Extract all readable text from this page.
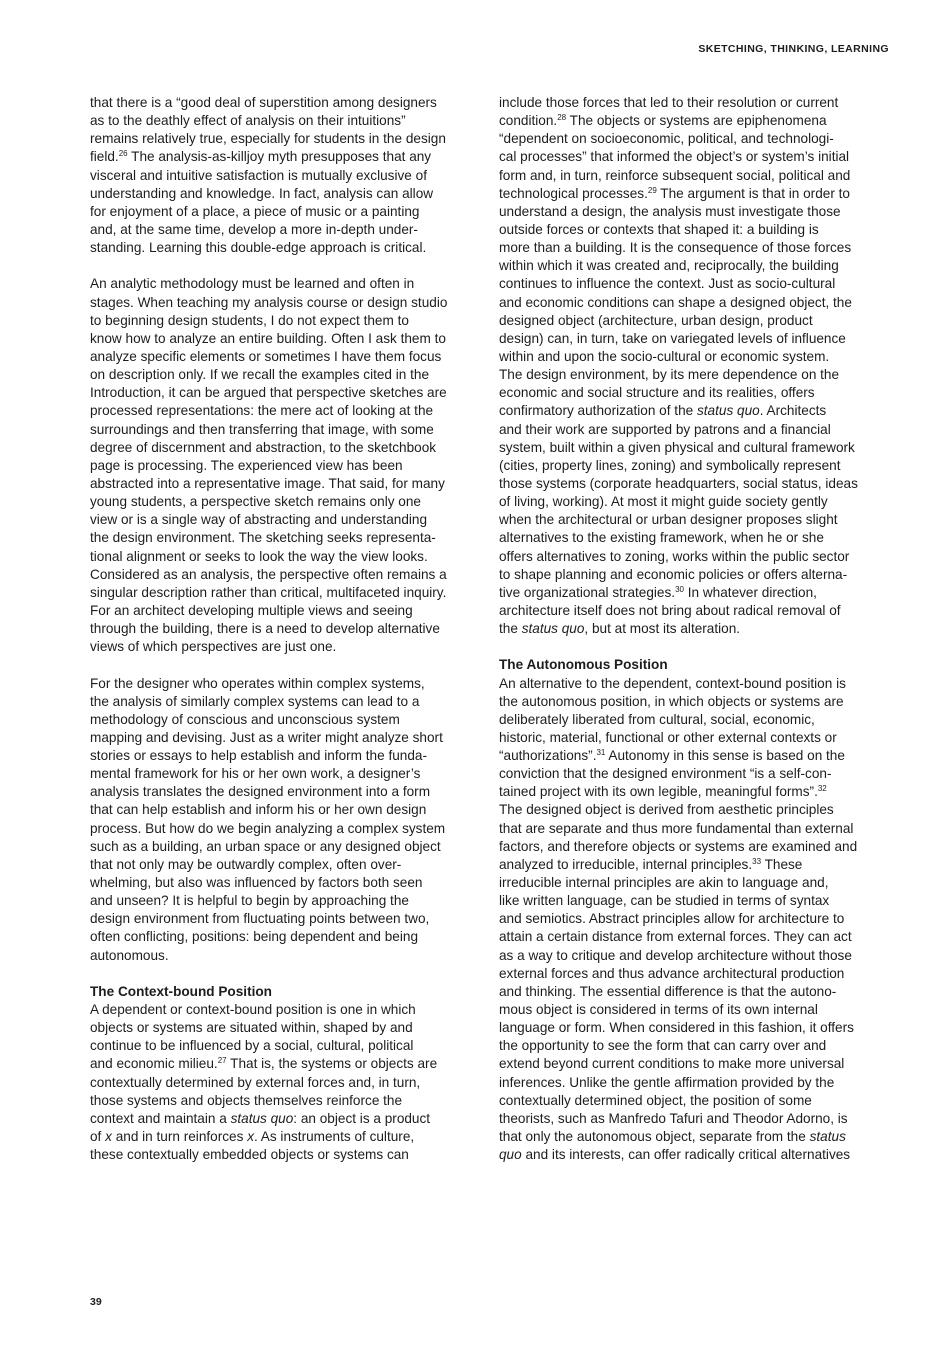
SKETCHING, THINKING, LEARNING
that there is a “good deal of superstition among designers
as to the deathly effect of analysis on their intuitions”
remains relatively true, especially for students in the design
field.$^{26}$ The analysis-as-killjoy myth presupposes that any
visceral and intuitive satisfaction is mutually exclusive of
understanding and knowledge. In fact, analysis can allow
for enjoyment of a place, a piece of music or a painting
and, at the same time, develop a more in-depth under-
standing. Learning this double-edge approach is critical.
An analytic methodology must be learned and often in
stages. When teaching my analysis course or design studio
to beginning design students, I do not expect them to
know how to analyze an entire building. Often I ask them to
analyze specific elements or sometimes I have them focus
on description only. If we recall the examples cited in the
Introduction, it can be argued that perspective sketches are
processed representations: the mere act of looking at the
surroundings and then transferring that image, with some
degree of discernment and abstraction, to the sketchbook
page is processing. The experienced view has been
abstracted into a representative image. That said, for many
young students, a perspective sketch remains only one
view or is a single way of abstracting and understanding
the design environment. The sketching seeks representa-
tional alignment or seeks to look the way the view looks.
Considered as an analysis, the perspective often remains a
singular description rather than critical, multifaceted inquiry.
For an architect developing multiple views and seeing
through the building, there is a need to develop alternative
views of which perspectives are just one.
For the designer who operates within complex systems,
the analysis of similarly complex systems can lead to a
methodology of conscious and unconscious system
mapping and devising. Just as a writer might analyze short
stories or essays to help establish and inform the funda-
mental framework for his or her own work, a designer’s
analysis translates the designed environment into a form
that can help establish and inform his or her own design
process. But how do we begin analyzing a complex system
such as a building, an urban space or any designed object
that not only may be outwardly complex, often over-
whelming, but also was influenced by factors both seen
and unseen? It is helpful to begin by approaching the
design environment from fluctuating points between two,
often conflicting, positions: being dependent and being
autonomous.
The Context-bound Position
A dependent or context-bound position is one in which
objects or systems are situated within, shaped by and
continue to be influenced by a social, cultural, political
and economic milieu.$^{27}$ That is, the systems or objects are
contextually determined by external forces and, in turn,
those systems and objects themselves reinforce the
context and maintain a status quo: an object is a product
of x and in turn reinforces x. As instruments of culture,
these contextually embedded objects or systems can
include those forces that led to their resolution or current
condition.$^{28}$ The objects or systems are epiphenomena
“dependent on socioeconomic, political, and technologi-
cal processes” that informed the object’s or system’s initial
form and, in turn, reinforce subsequent social, political and
technological processes.$^{29}$ The argument is that in order to
understand a design, the analysis must investigate those
outside forces or contexts that shaped it: a building is
more than a building. It is the consequence of those forces
within which it was created and, reciprocally, the building
continues to influence the context. Just as socio-cultural
and economic conditions can shape a designed object, the
designed object (architecture, urban design, product
design) can, in turn, take on variegated levels of influence
within and upon the socio-cultural or economic system.
The design environment, by its mere dependence on the
economic and social structure and its realities, offers
confirmatory authorization of the status quo. Architects
and their work are supported by patrons and a financial
system, built within a given physical and cultural framework
(cities, property lines, zoning) and symbolically represent
those systems (corporate headquarters, social status, ideas
of living, working). At most it might guide society gently
when the architectural or urban designer proposes slight
alternatives to the existing framework, when he or she
offers alternatives to zoning, works within the public sector
to shape planning and economic policies or offers alterna-
tive organizational strategies.$^{30}$ In whatever direction,
architecture itself does not bring about radical removal of
the status quo, but at most its alteration.
The Autonomous Position
An alternative to the dependent, context-bound position is
the autonomous position, in which objects or systems are
deliberately liberated from cultural, social, economic,
historic, material, functional or other external contexts or
“authorizations”.$^{31}$ Autonomy in this sense is based on the
conviction that the designed environment “is a self-con-
tained project with its own legible, meaningful forms”.$^{32}$
The designed object is derived from aesthetic principles
that are separate and thus more fundamental than external
factors, and therefore objects or systems are examined and
analyzed to irreducible, internal principles.$^{33}$ These
irreducible internal principles are akin to language and,
like written language, can be studied in terms of syntax
and semiotics. Abstract principles allow for architecture to
attain a certain distance from external forces. They can act
as a way to critique and develop architecture without those
external forces and thus advance architectural production
and thinking. The essential difference is that the autono-
mous object is considered in terms of its own internal
language or form. When considered in this fashion, it offers
the opportunity to see the form that can carry over and
extend beyond current conditions to make more universal
inferences. Unlike the gentle affirmation provided by the
contextually determined object, the position of some
theorists, such as Manfredo Tafuri and Theodor Adorno, is
that only the autonomous object, separate from the status
quo and its interests, can offer radically critical alternatives
39
